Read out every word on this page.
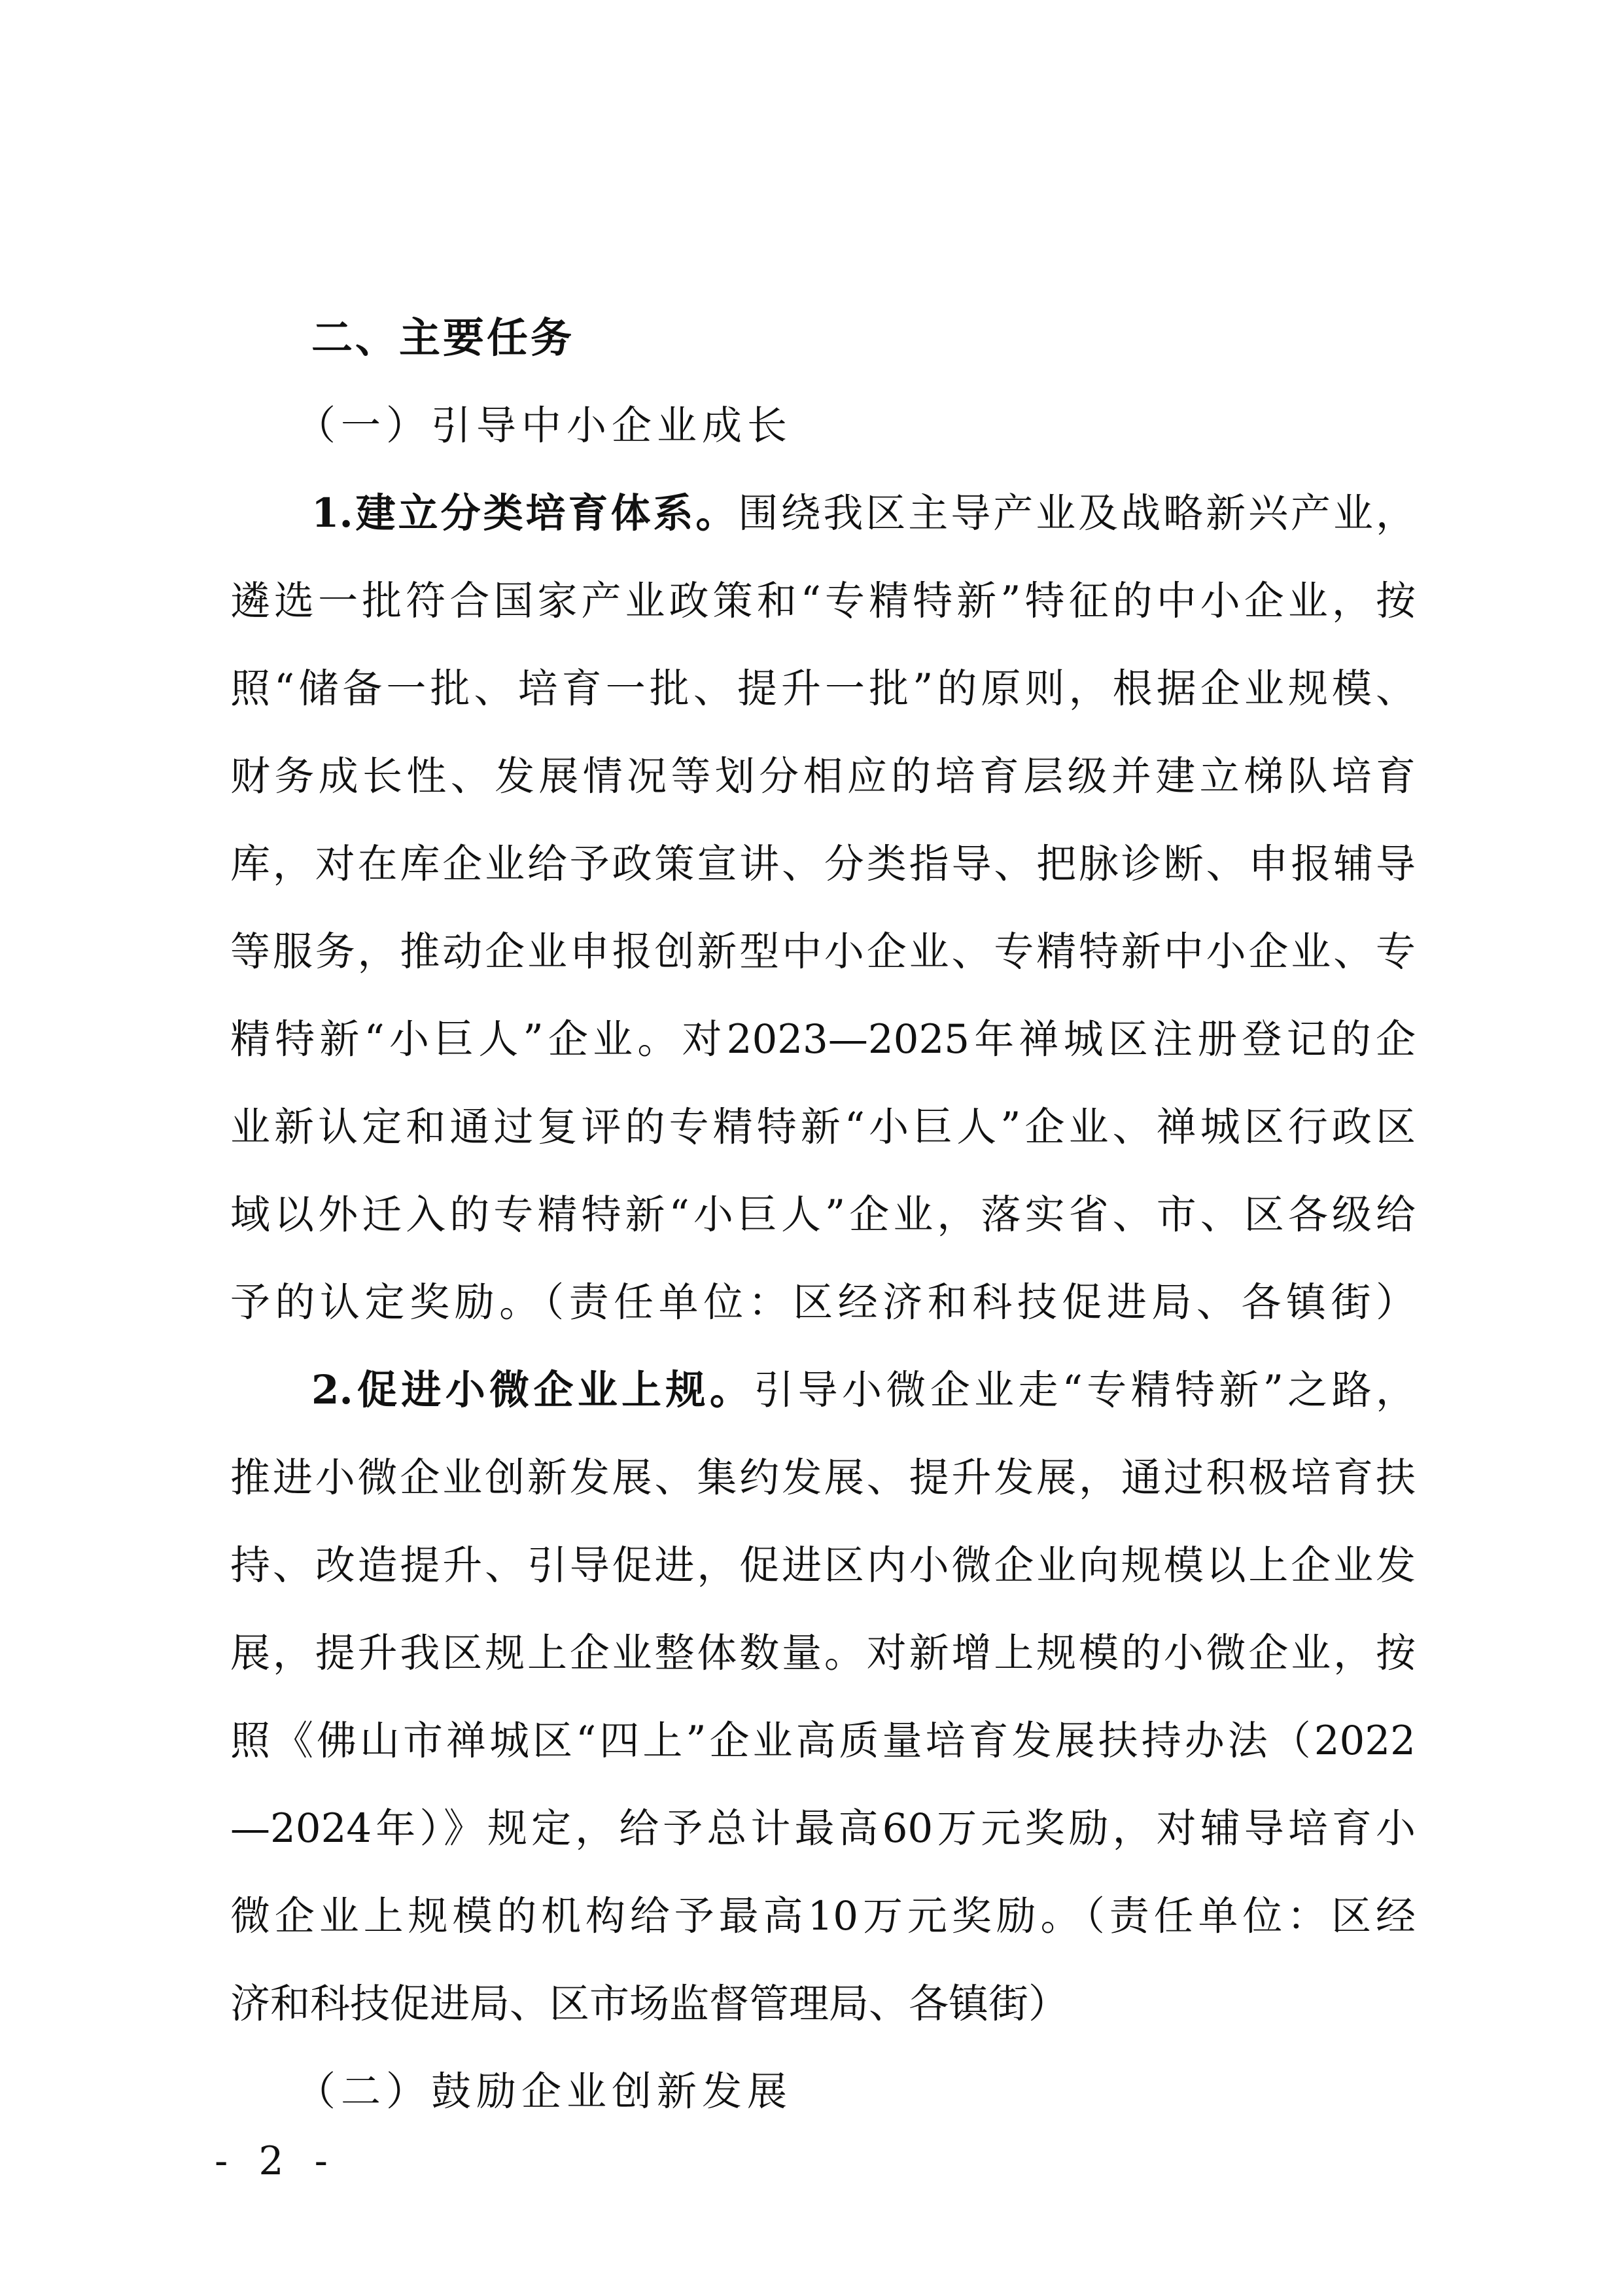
二、主要任务
（一）引导中小企业成长
1.建立分类培育体系。围绕我区主导产业及战略新兴产业，
遴选一批符合国家产业政策和“专精特新”特征的中小企业，按
照“储备一批、培育一批、提升一批”的原则，根据企业规模、
财务成长性、发展情况等划分相应的培育层级并建立梯队培育
库，对在库企业给予政策宣讲、分类指导、把脉诊断、申报辅导
等服务，推动企业申报创新型中小企业、专精特新中小企业、专
精特新“小巨人”企业。对2023—2025年禅城区注册登记的企
业新认定和通过复评的专精特新“小巨人”企业、禅城区行政区
域以外迁入的专精特新“小巨人”企业，落实省、市、区各级给
予的认定奖励。（责任单位：区经济和科技促进局、各镇街）
2.促进小微企业上规。引导小微企业走“专精特新”之路，
推进小微企业创新发展、集约发展、提升发展，通过积极培育扶
持、改造提升、引导促进，促进区内小微企业向规模以上企业发
展，提升我区规上企业整体数量。对新增上规模的小微企业，按
照《佛山市禅城区“四上”企业高质量培育发展扶持办法（2022
—2024年）》规定，给予总计最高60万元奖励，对辅导培育小
微企业上规模的机构给予最高10万元奖励。（责任单位：区经
济和科技促进局、区市场监督管理局、各镇街）
（二）鼓励企业创新发展
- 2 -
